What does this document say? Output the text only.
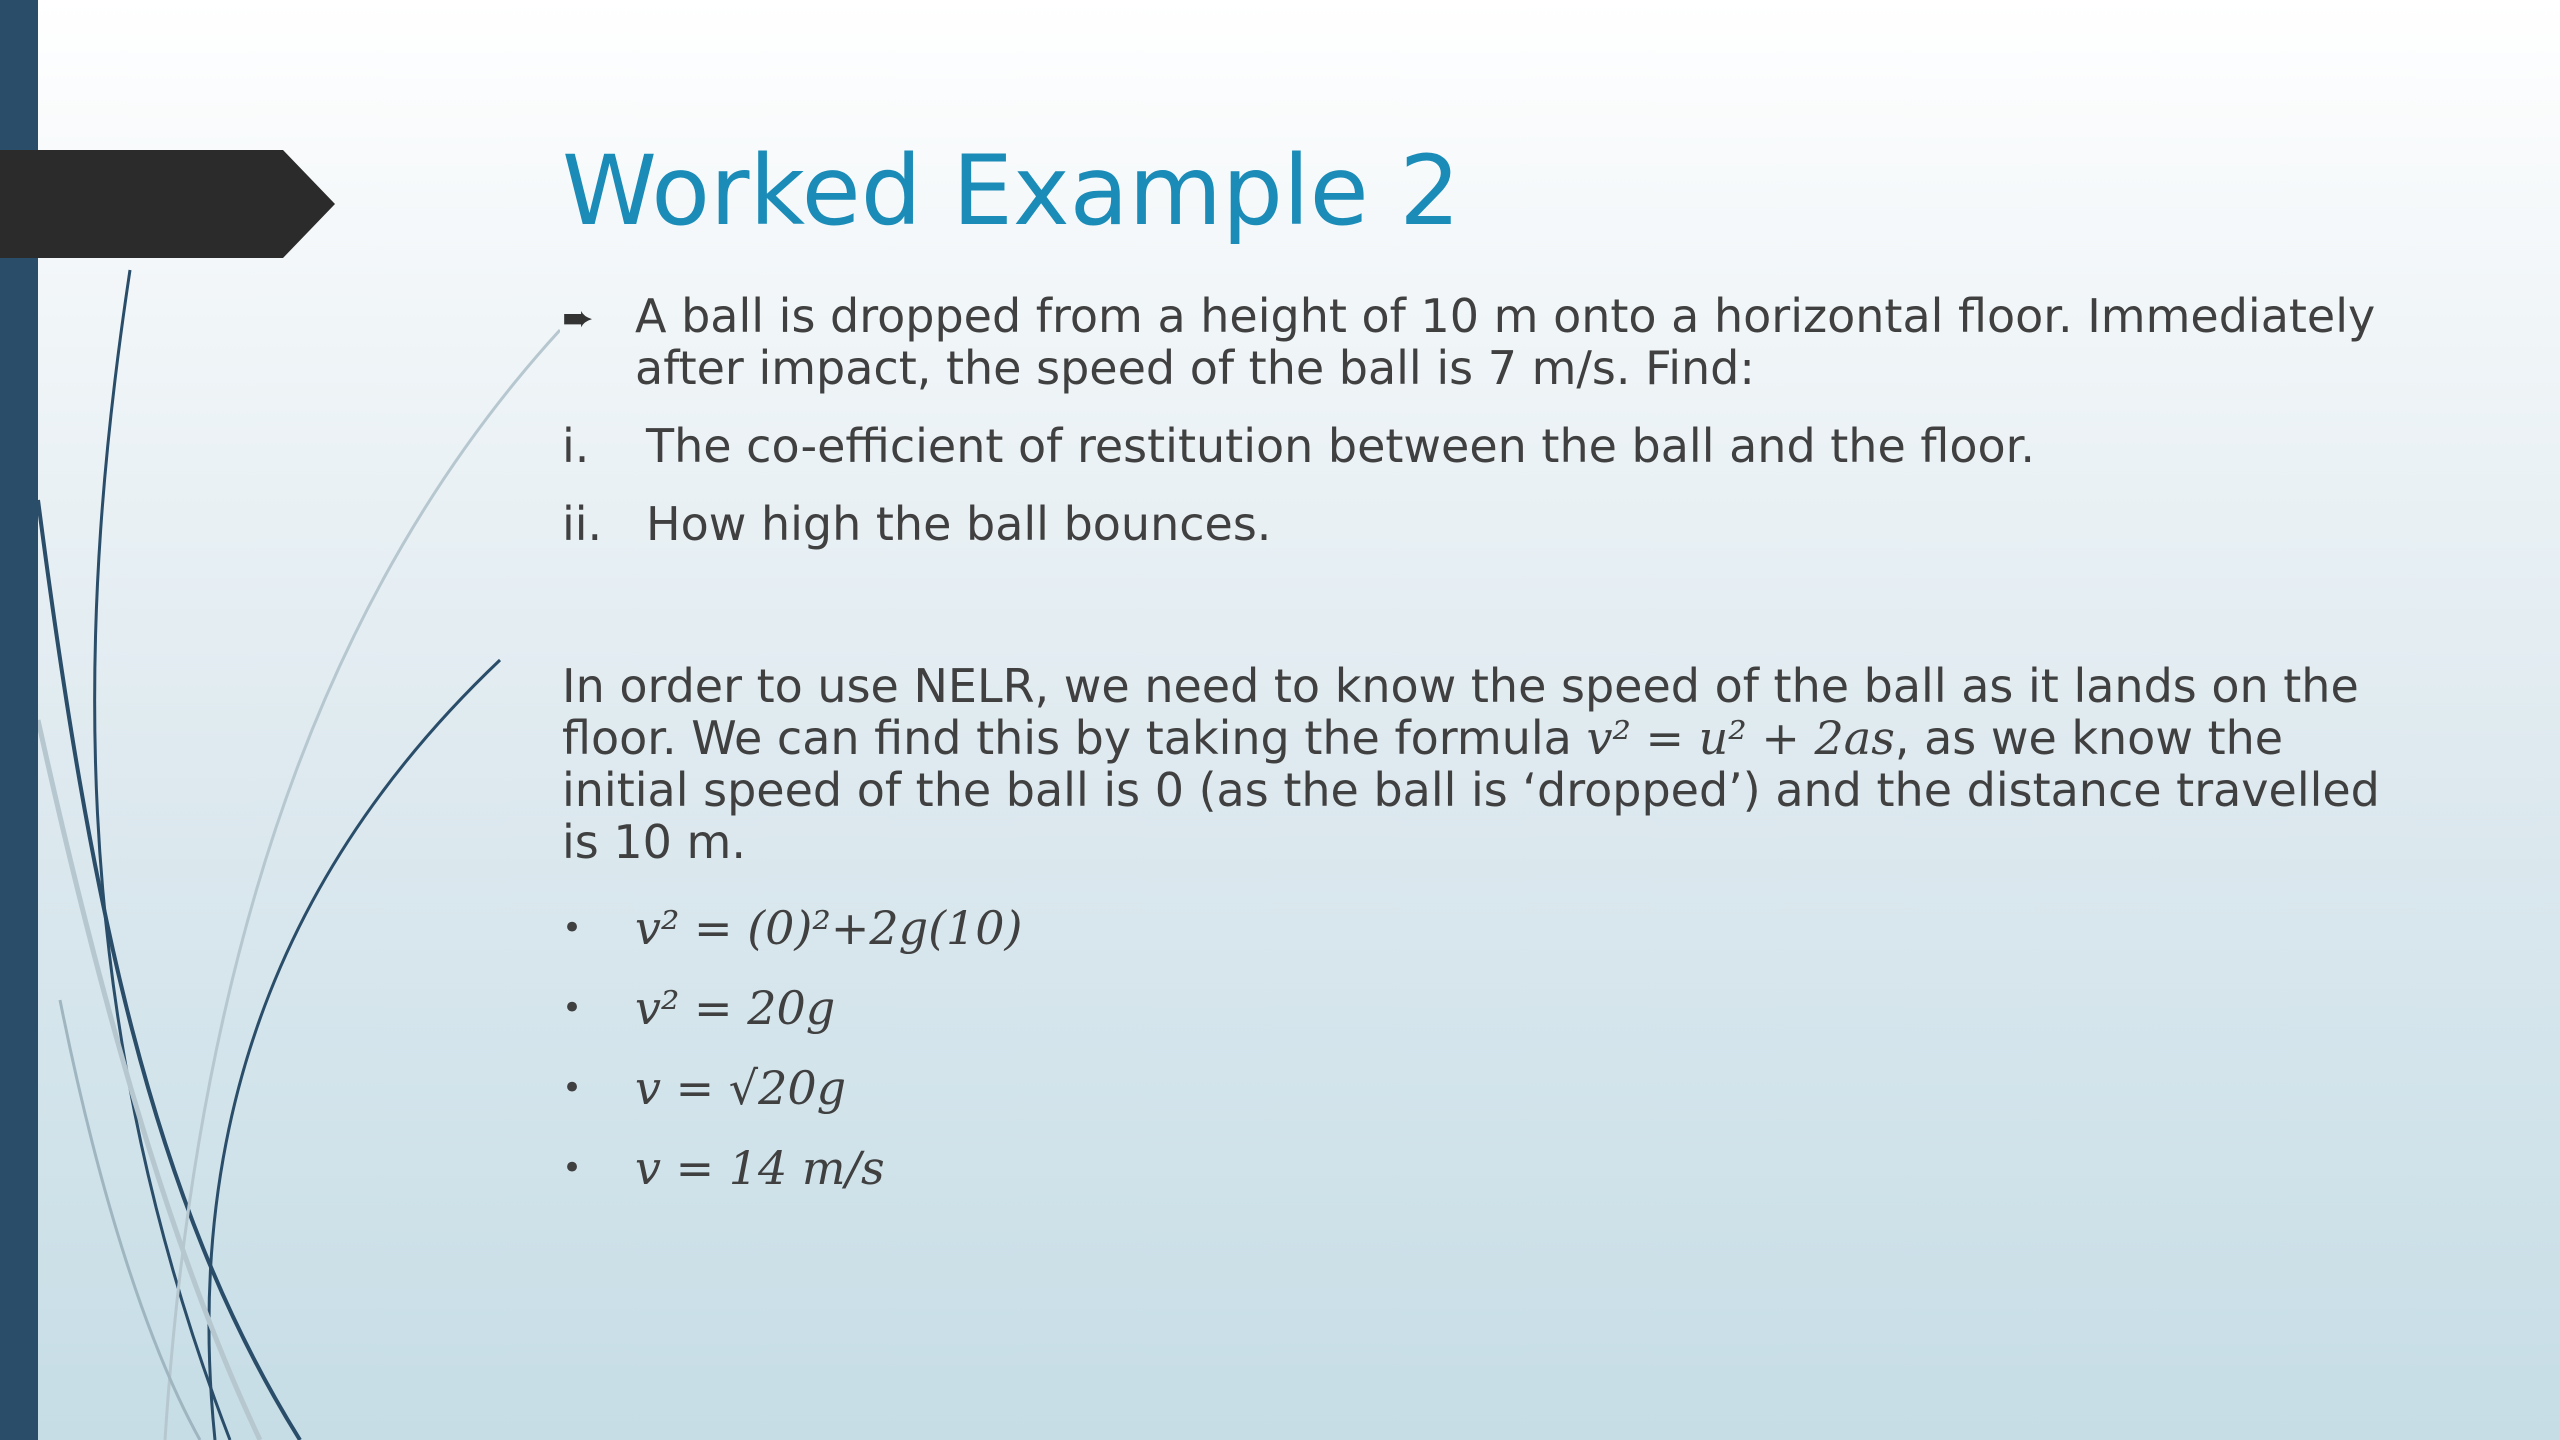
Worked Example 2
➨ A ball is dropped from a height of 10 m onto a horizontal floor. Immediately after impact, the speed of the ball is 7 m/s. Find:
i. The co-efficient of restitution between the ball and the floor.
ii. How high the ball bounces.
In order to use NELR, we need to know the speed of the ball as it lands on the floor. We can find this by taking the formula v² = u² + 2as, as we know the initial speed of the ball is 0 (as the ball is ‘dropped’) and the distance travelled is 10 m.
• v² = (0)²+2g(10)
• v² = 20g
• v = √20g
• v = 14 m/s
